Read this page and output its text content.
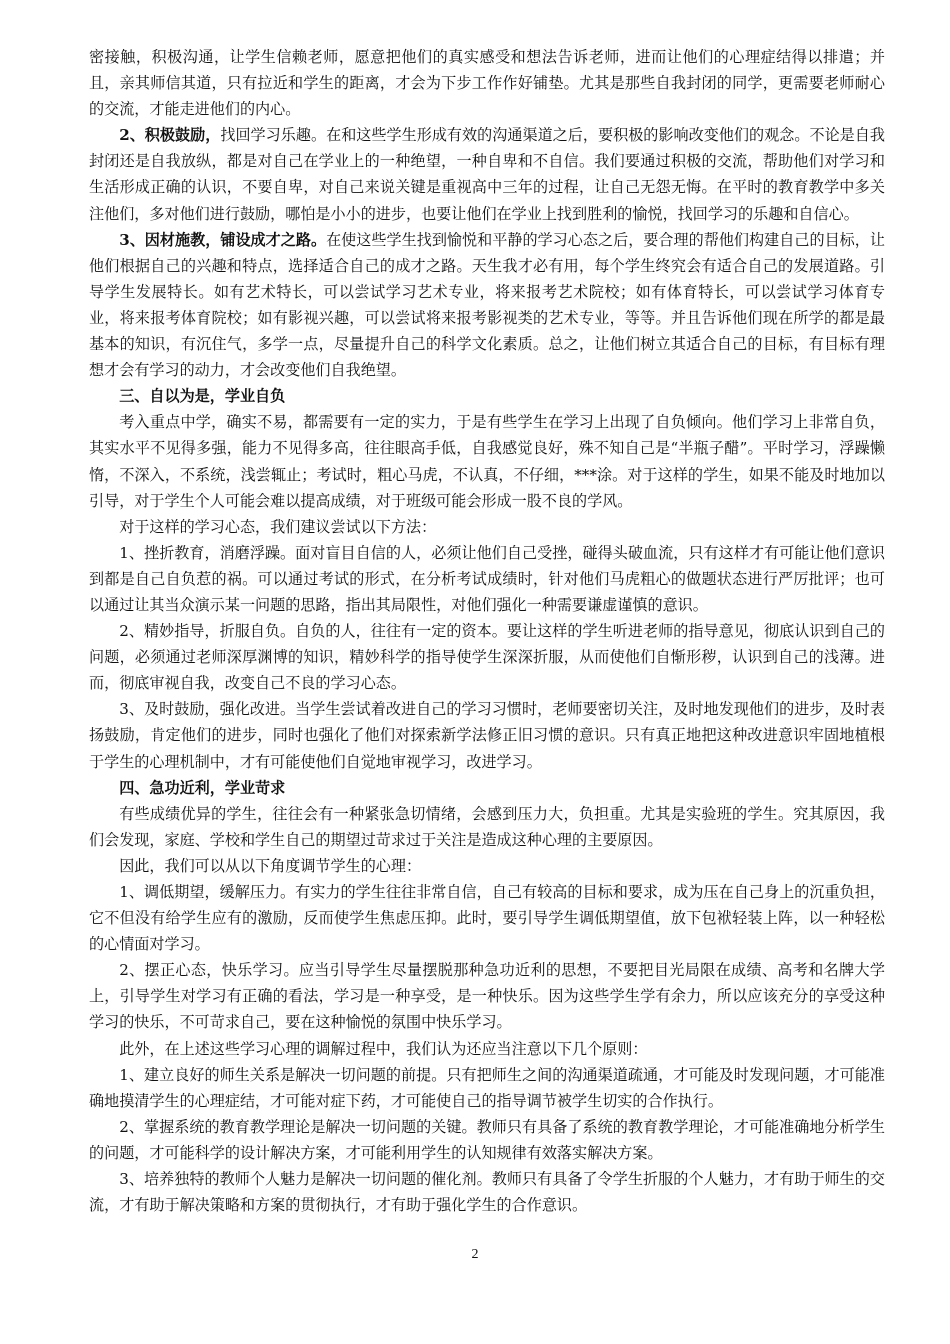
密接触，积极沟通，让学生信赖老师，愿意把他们的真实感受和想法告诉老师，进而让他们的心理症结得以排遣；并且，亲其师信其道，只有拉近和学生的距离，才会为下步工作作好铺垫。尤其是那些自我封闭的同学，更需要老师耐心的交流，才能走进他们的内心。

2、积极鼓励，找回学习乐趣。在和这些学生形成有效的沟通渠道之后，要积极的影响改变他们的观念。不论是自我封闭还是自我放纵，都是对自己在学业上的一种绝望，一种自卑和不自信。我们要通过积极的交流，帮助他们对学习和生活形成正确的认识，不要自卑，对自己来说关键是重视高中三年的过程，让自己无怨无悔。在平时的教育教学中多关注他们，多对他们进行鼓励，哪怕是小小的进步，也要让他们在学业上找到胜利的愉悦，找回学习的乐趣和自信心。

3、因材施教，铺设成才之路。在使这些学生找到愉悦和平静的学习心态之后，要合理的帮他们构建自己的目标，让他们根据自己的兴趣和特点，选择适合自己的成才之路。天生我才必有用，每个学生终究会有适合自己的发展道路。引导学生发展特长。如有艺术特长，可以尝试学习艺术专业，将来报考艺术院校；如有体育特长，可以尝试学习体育专业，将来报考体育院校；如有影视兴趣，可以尝试将来报考影视类的艺术专业，等等。并且告诉他们现在所学的都是最基本的知识，有沉住气，多学一点，尽量提升自己的科学文化素质。总之，让他们树立其适合自己的目标，有目标有理想才会有学习的动力，才会改变他们自我绝望。

三、自以为是，学业自负

考入重点中学，确实不易，都需要有一定的实力，于是有些学生在学习上出现了自负倾向。他们学习上非常自负，其实水平不见得多强，能力不见得多高，往往眼高手低，自我感觉良好，殊不知自己是“半瓶子醋”。平时学习，浮躁懒惰，不深入，不系统，浅尝辄止；考试时，粗心马虎，不认真，不仔细，***涂。对于这样的学生，如果不能及时地加以引导，对于学生个人可能会难以提高成绩，对于班级可能会形成一股不良的学风。

对于这样的学习心态，我们建议尝试以下方法：

1、挫折教育，消磨浮躁。面对盲目自信的人，必须让他们自己受挫，碰得头破血流，只有这样才有可能让他们意识到都是自己自负惹的祸。可以通过考试的形式，在分析考试成绩时，针对他们马虎粗心的做题状态进行严厉批评；也可以通过让其当众演示某一问题的思路，指出其局限性，对他们强化一种需要谦虚谨慎的意识。

2、精妙指导，折服自负。自负的人，往往有一定的资本。要让这样的学生听进老师的指导意见，彻底认识到自己的问题，必须通过老师深厚渊博的知识，精妙科学的指导使学生深深折服，从而使他们自惭形秽，认识到自己的浅薄。进而，彻底审视自我，改变自己不良的学习心态。

3、及时鼓励，强化改进。当学生尝试着改进自己的学习习惯时，老师要密切关注，及时地发现他们的进步，及时表扬鼓励，肯定他们的进步，同时也强化了他们对探索新学法修正旧习惯的意识。只有真正地把这种改进意识牢固地植根于学生的心理机制中，才有可能使他们自觉地审视学习，改进学习。

四、急功近利，学业苛求

有些成绩优异的学生，往往会有一种紧张急切情绪，会感到压力大，负担重。尤其是实验班的学生。究其原因，我们会发现，家庭、学校和学生自己的期望过苛求过于关注是造成这种心理的主要原因。

因此，我们可以从以下角度调节学生的心理：

1、调低期望，缓解压力。有实力的学生往往非常自信，自己有较高的目标和要求，成为压在自己身上的沉重负担，它不但没有给学生应有的激励，反而使学生焦虑压抑。此时，要引导学生调低期望值，放下包袱轻装上阵，以一种轻松的心情面对学习。

2、摆正心态，快乐学习。应当引导学生尽量摆脱那种急功近利的思想，不要把目光局限在成绩、高考和名牌大学上，引导学生对学习有正确的看法，学习是一种享受，是一种快乐。因为这些学生学有余力，所以应该充分的享受这种学习的快乐，不可苛求自己，要在这种愉悦的氛围中快乐学习。

此外，在上述这些学习心理的调解过程中，我们认为还应当注意以下几个原则：

1、建立良好的师生关系是解决一切问题的前提。只有把师生之间的沟通渠道疏通，才可能及时发现问题，才可能准确地摸清学生的心理症结，才可能对症下药，才可能使自己的指导调节被学生切实的合作执行。

2、掌握系统的教育教学理论是解决一切问题的关键。教师只有具备了系统的教育教学理论，才可能准确地分析学生的问题，才可能科学的设计解决方案，才可能利用学生的认知规律有效落实解决方案。

3、培养独特的教师个人魅力是解决一切问题的催化剂。教师只有具备了令学生折服的个人魅力，才有助于师生的交流，才有助于解决策略和方案的贯彻执行，才有助于强化学生的合作意识。

2
